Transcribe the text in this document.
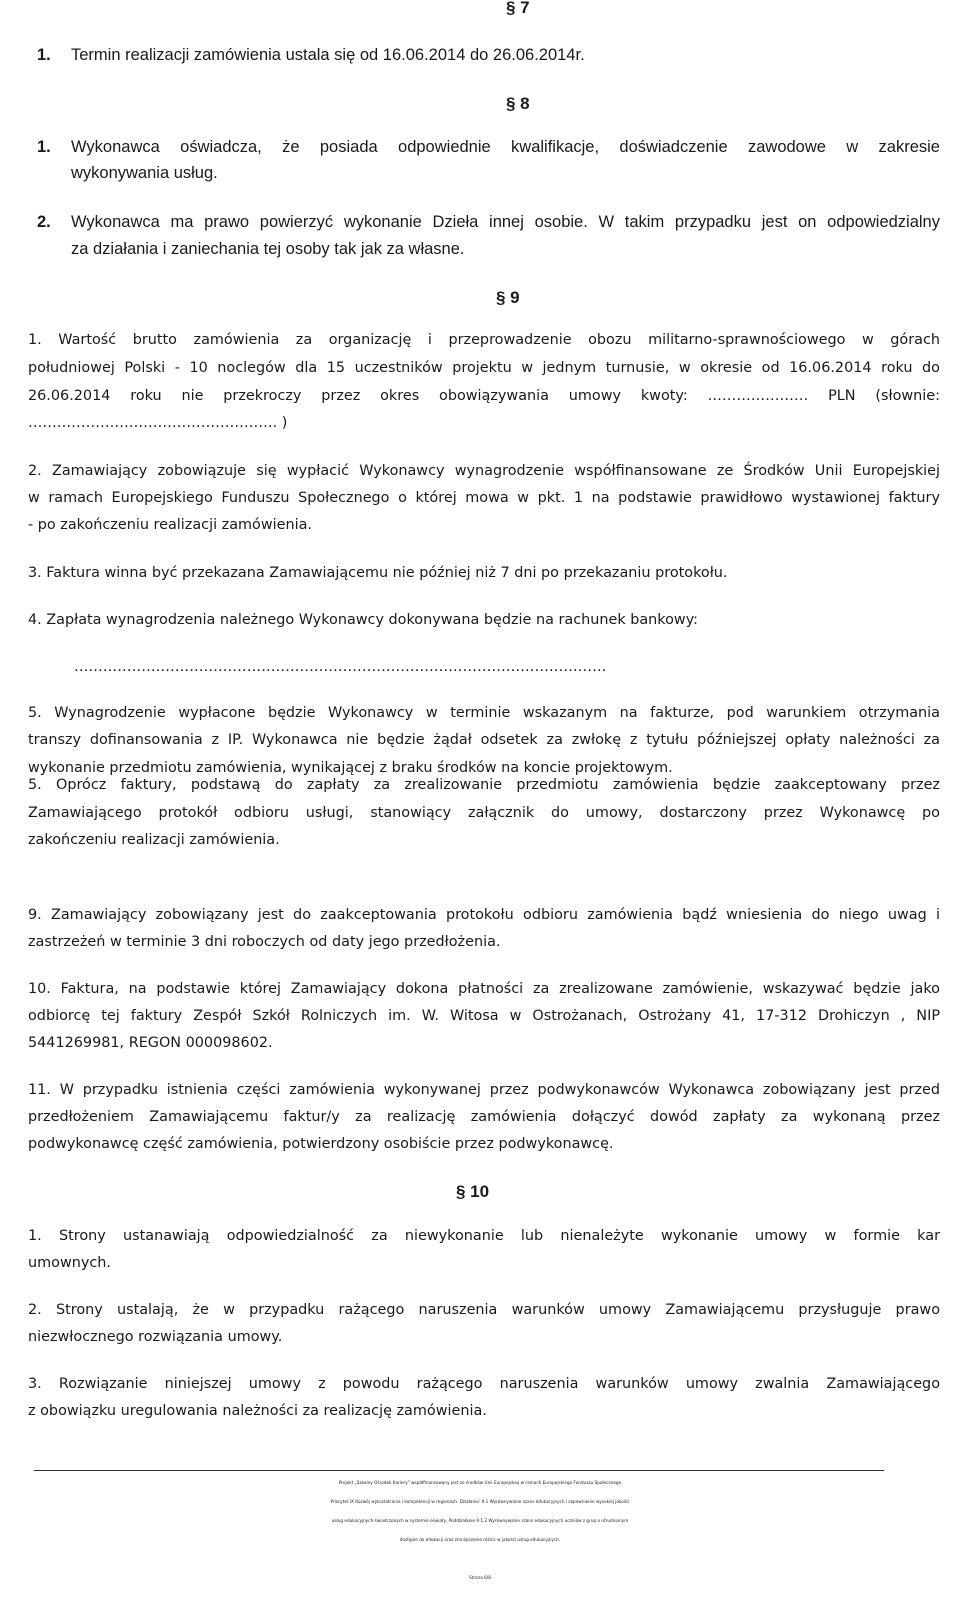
§ 7
1. Termin realizacji zamówienia ustala się od 16.06.2014 do 26.06.2014r.
§ 8
1. Wykonawca oświadcza, że posiada odpowiednie kwalifikacje, doświadczenie zawodowe w zakresie
wykonywania usług.
2. Wykonawca ma prawo powierzyć wykonanie Dzieła innej osobie. W takim przypadku jest on odpowiedzialny
za działania i zaniechania tej osoby tak jak za własne.
§ 9
1. Wartość brutto zamówienia za organizację i przeprowadzenie obozu militarno-sprawnościowego w górach
południowej Polski - 10 noclegów dla 15 uczestników projektu w jednym turnusie, w okresie od 16.06.2014 roku do
26.06.2014 roku nie przekroczy przez okres obowiązywania umowy kwoty: ………………… PLN (słownie:
……………………………………………. )
2. Zamawiający zobowiązuje się wypłacić Wykonawcy wynagrodzenie współfinansowane ze Środków Unii Europejskiej
w ramach Europejskiego Funduszu Społecznego o której mowa w pkt. 1 na podstawie prawidłowo wystawionej faktury
- po zakończeniu realizacji zamówienia.
3. Faktura winna być przekazana Zamawiającemu nie później niż 7 dni po przekazaniu protokołu.
4. Zapłata wynagrodzenia należnego Wykonawcy dokonywana będzie na rachunek bankowy:
…………………………………………………………………………………………………
5. Wynagrodzenie wypłacone będzie Wykonawcy w terminie wskazanym na fakturze, pod warunkiem otrzymania
transzy dofinansowania z IP. Wykonawca nie będzie żądał odsetek za zwłokę z tytułu późniejszej opłaty należności za
wykonanie przedmiotu zamówienia, wynikającej z braku środków na koncie projektowym.
5. Oprócz faktury, podstawą do zapłaty za zrealizowanie przedmiotu zamówienia będzie zaakceptowany przez
Zamawiającego protokół odbioru usługi, stanowiący załącznik do umowy, dostarczony przez Wykonawcę po
zakończeniu realizacji zamówienia.
9. Zamawiający zobowiązany jest do zaakceptowania protokołu odbioru zamówienia bądź wniesienia do niego uwag i
zastrzeżeń w terminie 3 dni roboczych od daty jego przedłożenia.
10. Faktura, na podstawie której Zamawiający dokona płatności za zrealizowane zamówienie, wskazywać będzie jako
odbiorcę tej faktury Zespół Szkół Rolniczych im. W. Witosa w Ostrożanach, Ostrożany 41, 17-312 Drohiczyn , NIP
5441269981, REGON 000098602.
11. W przypadku istnienia części zamówienia wykonywanej przez podwykonawców Wykonawca zobowiązany jest przed
przedłożeniem Zamawiającemu faktur/y za realizację zamówienia dołączyć dowód zapłaty za wykonaną przez
podwykonawcę część zamówienia, potwierdzony osobiście przez podwykonawcę.
§ 10
1. Strony ustanawiają odpowiedzialność za niewykonanie lub nienależyte wykonanie umowy w formie kar
umownych.
2. Strony ustalają, że w przypadku rażącego naruszenia warunków umowy Zamawiającemu przysługuje prawo
niezwłocznego rozwiązania umowy.
3. Rozwiązanie niniejszej umowy z powodu rażącego naruszenia warunków umowy zwalnia Zamawiającego
z obowiązku uregulowania należności za realizację zamówienia.
Projekt „Szkolny Ośrodek Kariery” współfinansowany jest ze środków Unii Europejskiej w ramach Europejskiego Funduszu Społecznego
Priorytet IX Rozwój wykształcenia i kompetencji w regionach. Działanie: 9.1 Wyrównywanie szans edukacyjnych i zapewnienie wysokiej jakości
usług edukacyjnych świadczonych w systemie oświaty, Poddziałanie 9.1.2 Wyrównywanie szans edukacyjnych uczniów z grup o utrudnionym
dostępie do edukacji oraz zmniejszenie różnic w jakości usług edukacyjnych.
Strona 6/8
